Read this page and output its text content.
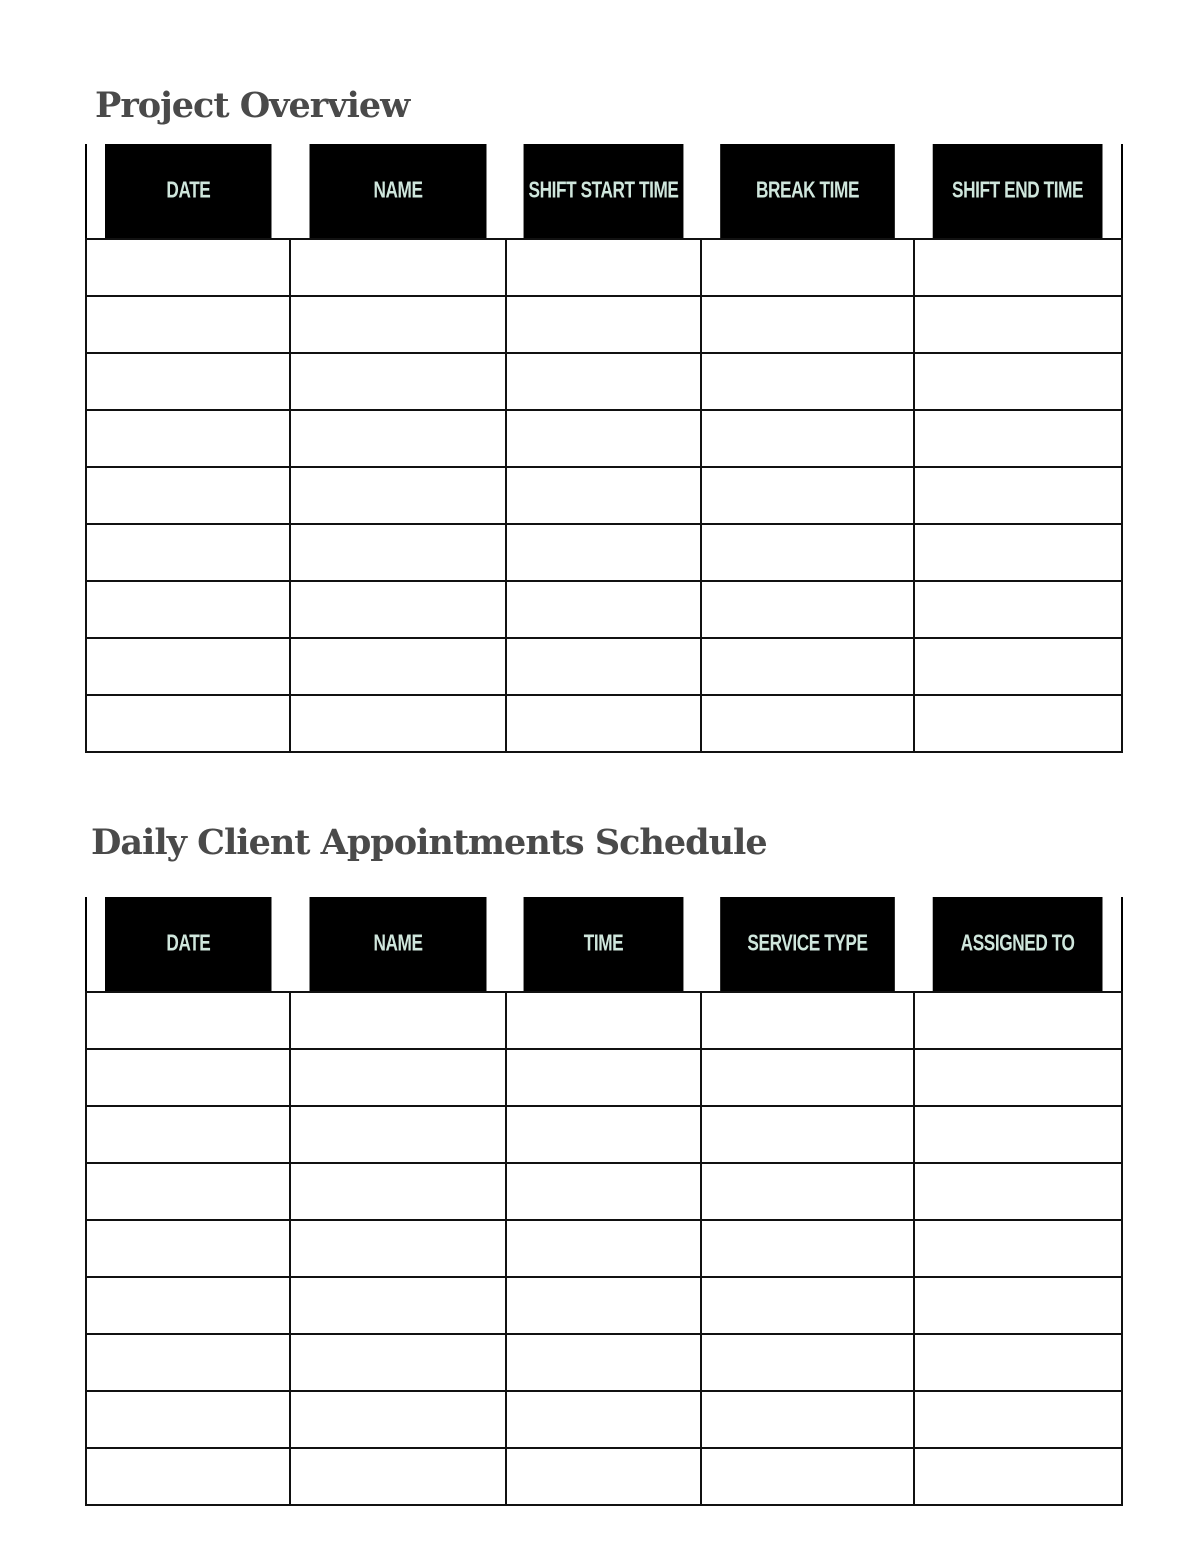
Project Overview
DATE	NAME	SHIFT START TIME	BREAK TIME	SHIFT END TIME

Daily Client Appointments Schedule
DATE	NAME	TIME	SERVICE TYPE	ASSIGNED TO
